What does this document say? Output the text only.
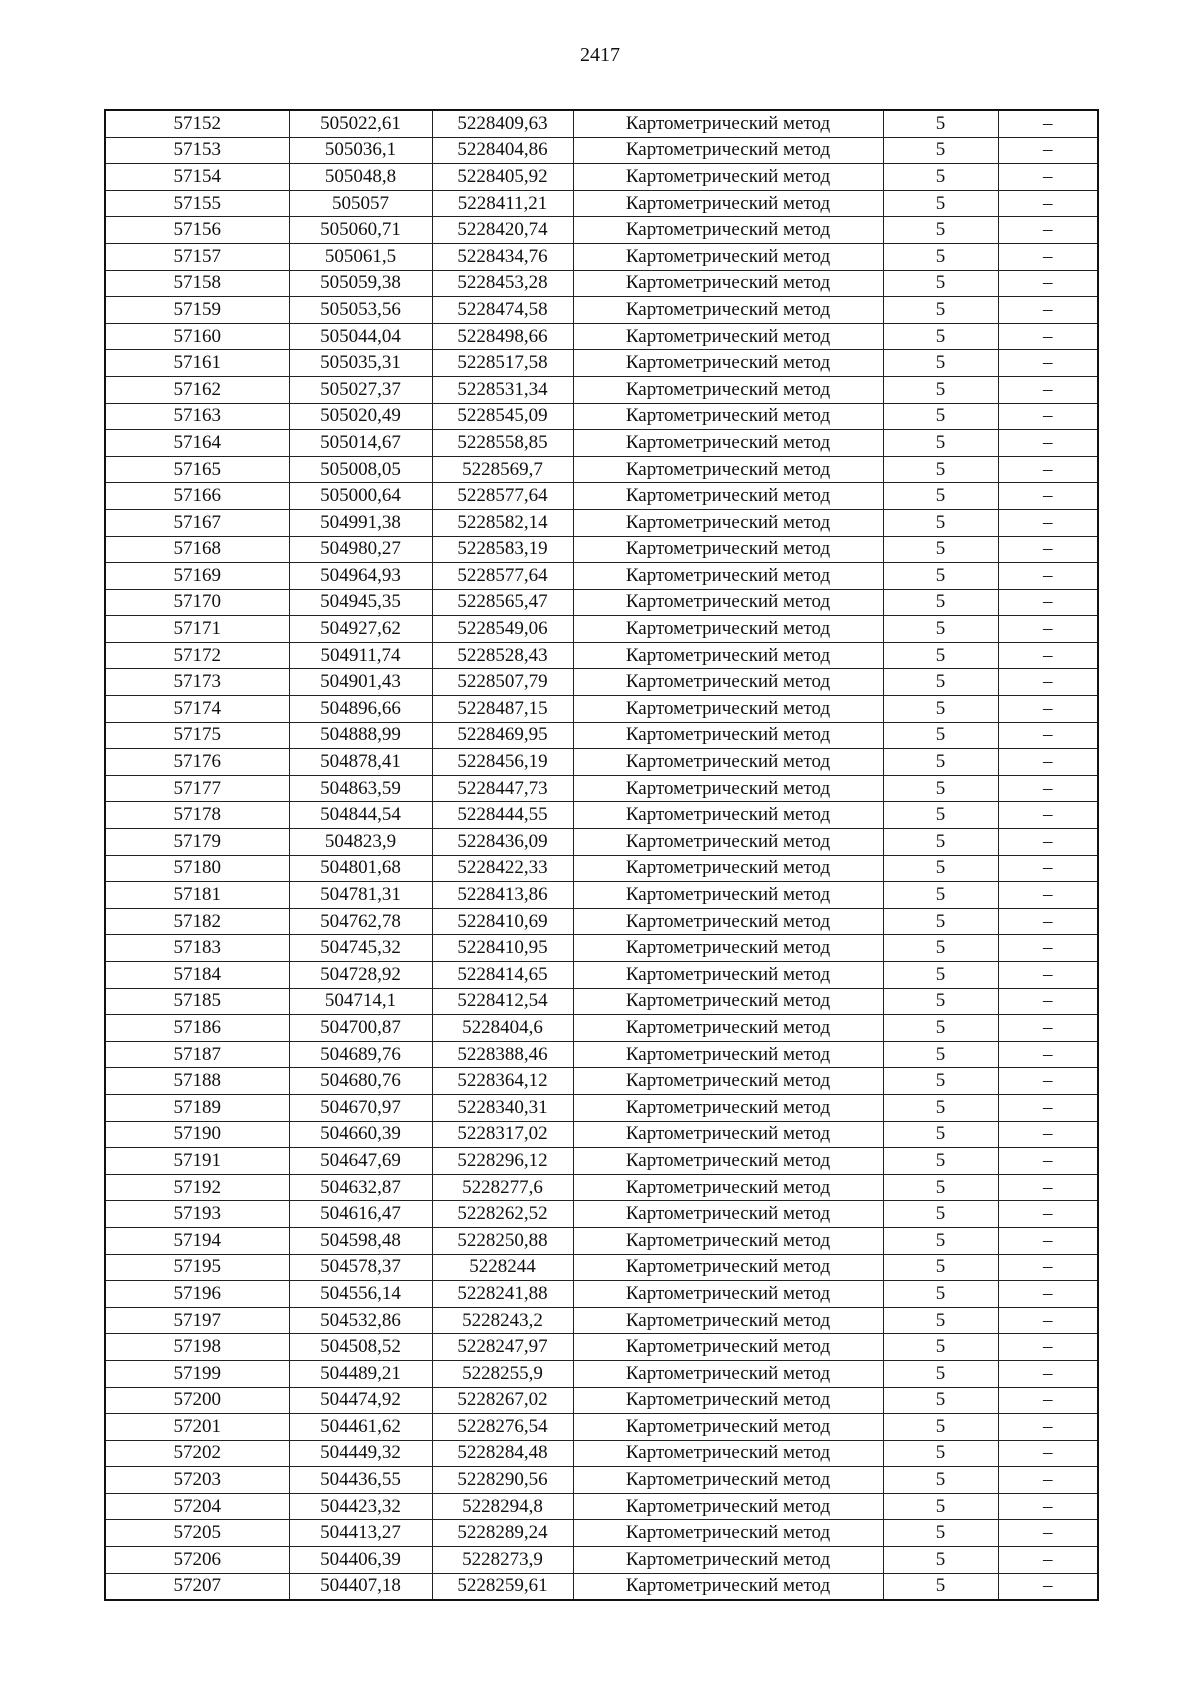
2417
57152	505022,61	5228409,63	Картометрический метод	5	–
57153	505036,1	5228404,86	Картометрический метод	5	–
57154	505048,8	5228405,92	Картометрический метод	5	–
57155	505057	5228411,21	Картометрический метод	5	–
57156	505060,71	5228420,74	Картометрический метод	5	–
57157	505061,5	5228434,76	Картометрический метод	5	–
57158	505059,38	5228453,28	Картометрический метод	5	–
57159	505053,56	5228474,58	Картометрический метод	5	–
57160	505044,04	5228498,66	Картометрический метод	5	–
57161	505035,31	5228517,58	Картометрический метод	5	–
57162	505027,37	5228531,34	Картометрический метод	5	–
57163	505020,49	5228545,09	Картометрический метод	5	–
57164	505014,67	5228558,85	Картометрический метод	5	–
57165	505008,05	5228569,7	Картометрический метод	5	–
57166	505000,64	5228577,64	Картометрический метод	5	–
57167	504991,38	5228582,14	Картометрический метод	5	–
57168	504980,27	5228583,19	Картометрический метод	5	–
57169	504964,93	5228577,64	Картометрический метод	5	–
57170	504945,35	5228565,47	Картометрический метод	5	–
57171	504927,62	5228549,06	Картометрический метод	5	–
57172	504911,74	5228528,43	Картометрический метод	5	–
57173	504901,43	5228507,79	Картометрический метод	5	–
57174	504896,66	5228487,15	Картометрический метод	5	–
57175	504888,99	5228469,95	Картометрический метод	5	–
57176	504878,41	5228456,19	Картометрический метод	5	–
57177	504863,59	5228447,73	Картометрический метод	5	–
57178	504844,54	5228444,55	Картометрический метод	5	–
57179	504823,9	5228436,09	Картометрический метод	5	–
57180	504801,68	5228422,33	Картометрический метод	5	–
57181	504781,31	5228413,86	Картометрический метод	5	–
57182	504762,78	5228410,69	Картометрический метод	5	–
57183	504745,32	5228410,95	Картометрический метод	5	–
57184	504728,92	5228414,65	Картометрический метод	5	–
57185	504714,1	5228412,54	Картометрический метод	5	–
57186	504700,87	5228404,6	Картометрический метод	5	–
57187	504689,76	5228388,46	Картометрический метод	5	–
57188	504680,76	5228364,12	Картометрический метод	5	–
57189	504670,97	5228340,31	Картометрический метод	5	–
57190	504660,39	5228317,02	Картометрический метод	5	–
57191	504647,69	5228296,12	Картометрический метод	5	–
57192	504632,87	5228277,6	Картометрический метод	5	–
57193	504616,47	5228262,52	Картометрический метод	5	–
57194	504598,48	5228250,88	Картометрический метод	5	–
57195	504578,37	5228244	Картометрический метод	5	–
57196	504556,14	5228241,88	Картометрический метод	5	–
57197	504532,86	5228243,2	Картометрический метод	5	–
57198	504508,52	5228247,97	Картометрический метод	5	–
57199	504489,21	5228255,9	Картометрический метод	5	–
57200	504474,92	5228267,02	Картометрический метод	5	–
57201	504461,62	5228276,54	Картометрический метод	5	–
57202	504449,32	5228284,48	Картометрический метод	5	–
57203	504436,55	5228290,56	Картометрический метод	5	–
57204	504423,32	5228294,8	Картометрический метод	5	–
57205	504413,27	5228289,24	Картометрический метод	5	–
57206	504406,39	5228273,9	Картометрический метод	5	–
57207	504407,18	5228259,61	Картометрический метод	5	–
